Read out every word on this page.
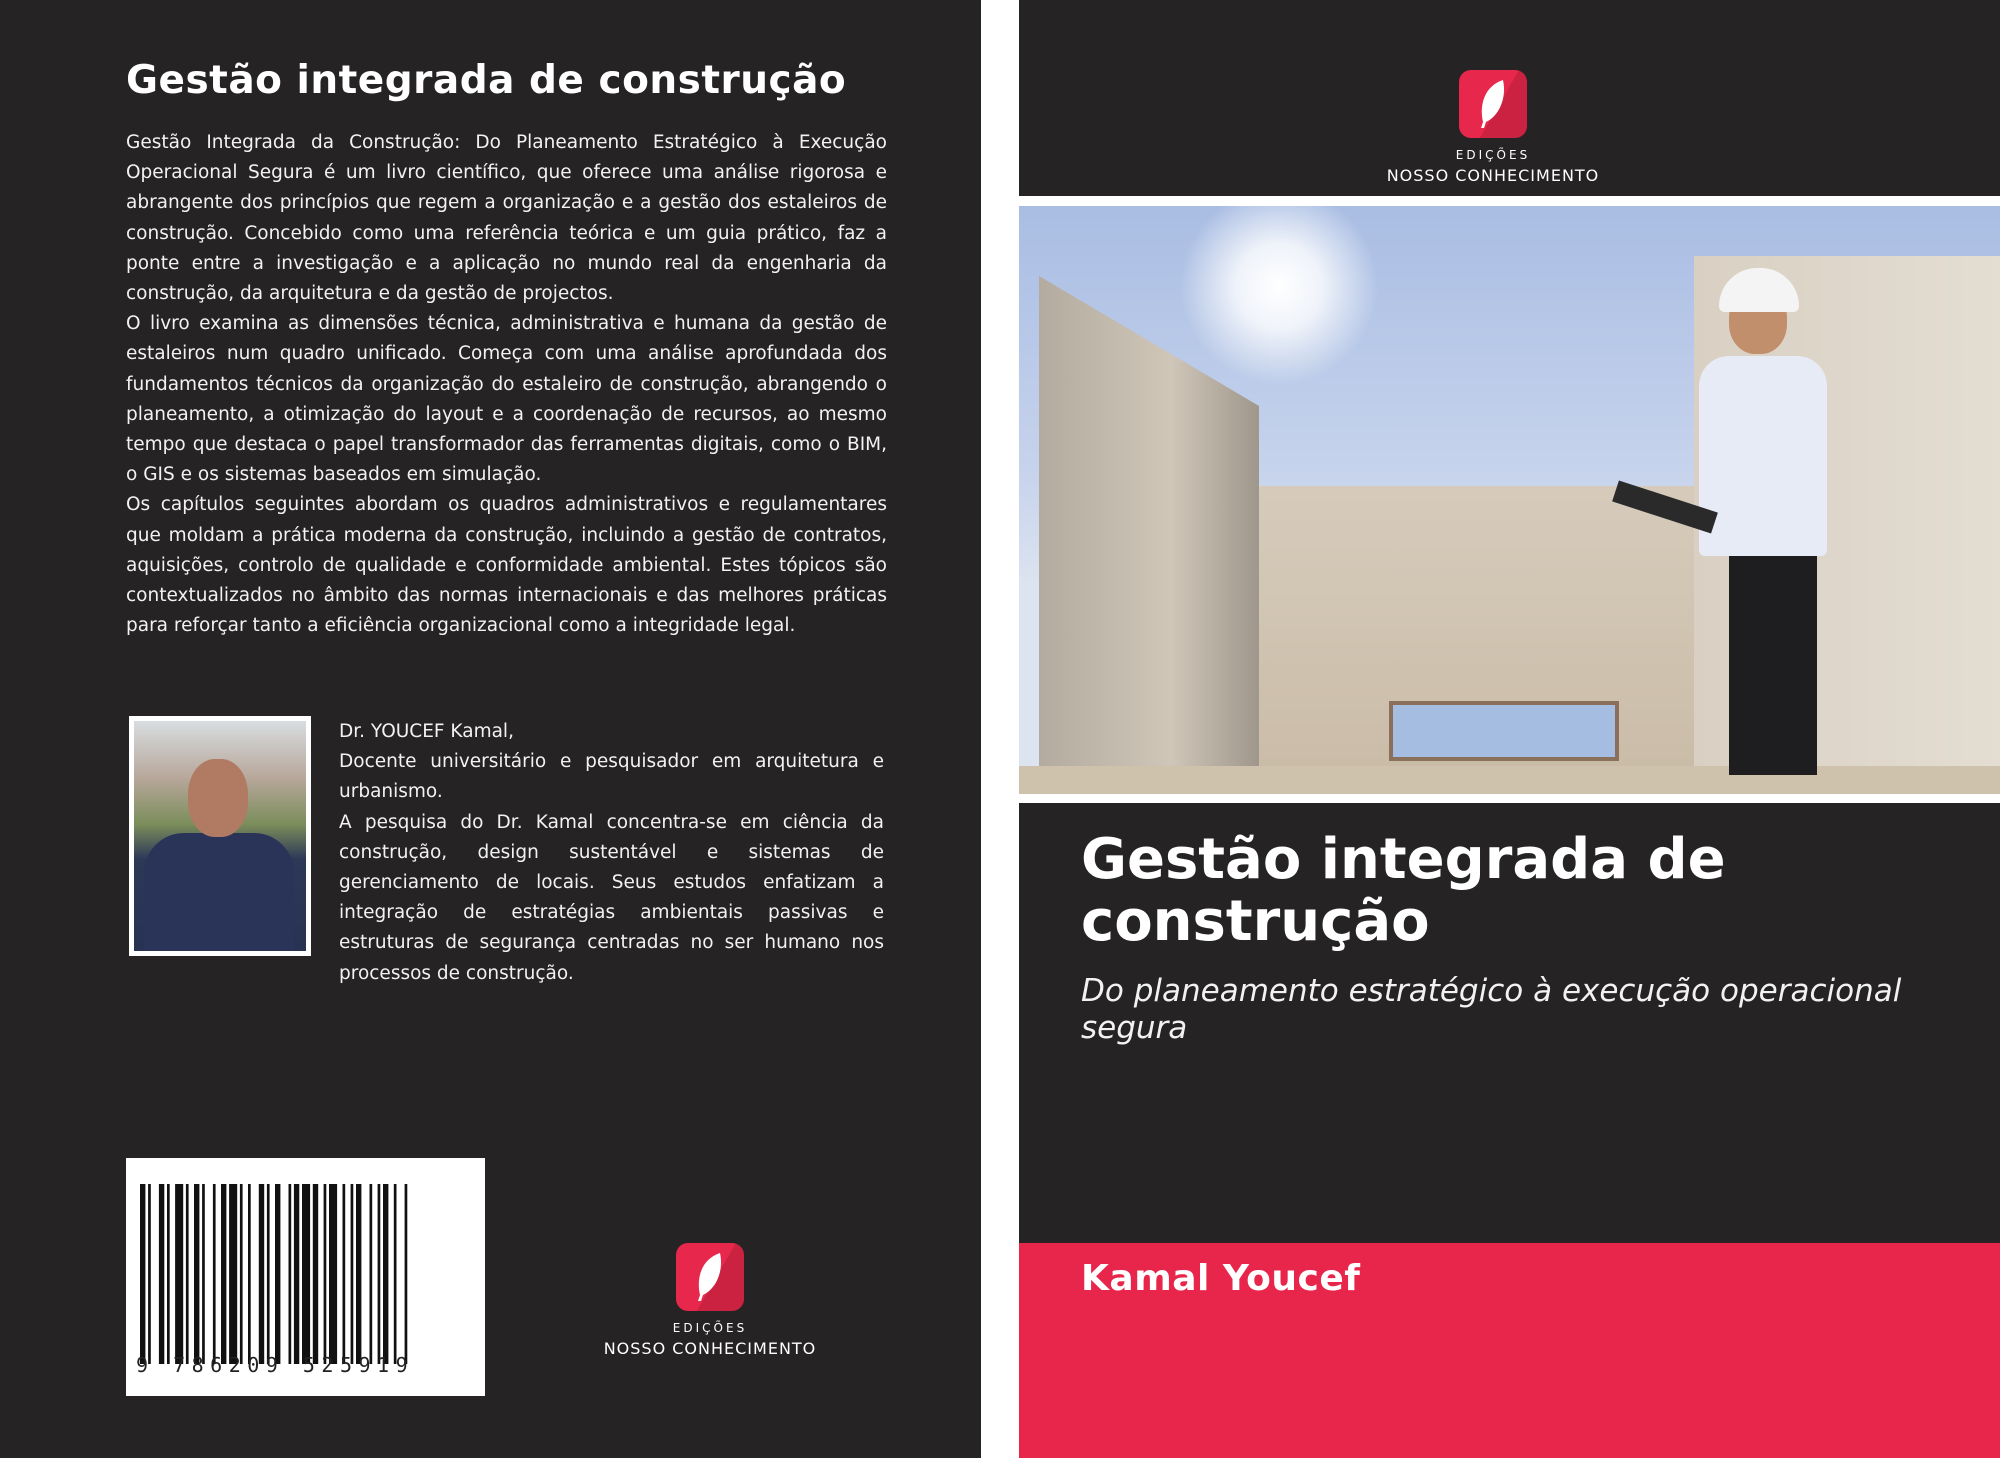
Gestão integrada de construção

Gestão Integrada da Construção: Do Planeamento Estratégico à Execução Operacional Segura é um livro científico, que oferece uma análise rigorosa e abrangente dos princípios que regem a organização e a gestão dos estaleiros de construção. Concebido como uma referência teórica e um guia prático, faz a ponte entre a investigação e a aplicação no mundo real da engenharia da construção, da arquitetura e da gestão de projectos.

O livro examina as dimensões técnica, administrativa e humana da gestão de estaleiros num quadro unificado. Começa com uma análise aprofundada dos fundamentos técnicos da organização do estaleiro de construção, abrangendo o planeamento, a otimização do layout e a coordenação de recursos, ao mesmo tempo que destaca o papel transformador das ferramentas digitais, como o BIM, o GIS e os sistemas baseados em simulação.

Os capítulos seguintes abordam os quadros administrativos e regulamentares que moldam a prática moderna da construção, incluindo a gestão de contratos, aquisições, controlo de qualidade e conformidade ambiental. Estes tópicos são contextualizados no âmbito das normas internacionais e das melhores práticas para reforçar tanto a eficiência organizacional como a integridade legal.

Dr. YOUCEF Kamal,

Docente universitário e pesquisador em arquitetura e urbanismo.

A pesquisa do Dr. Kamal concentra-se em ciência da construção, design sustentável e sistemas de gerenciamento de locais. Seus estudos enfatizam a integração de estratégias ambientais passivas e estruturas de segurança centradas no ser humano nos processos de construção.

9 786209 525919
EDIÇÕES
NOSSO CONHECIMENTO
EDIÇÕES
NOSSO CONHECIMENTO
Gestão integrada de construção
Do planeamento estratégico à execução operacional segura
Kamal Youcef
